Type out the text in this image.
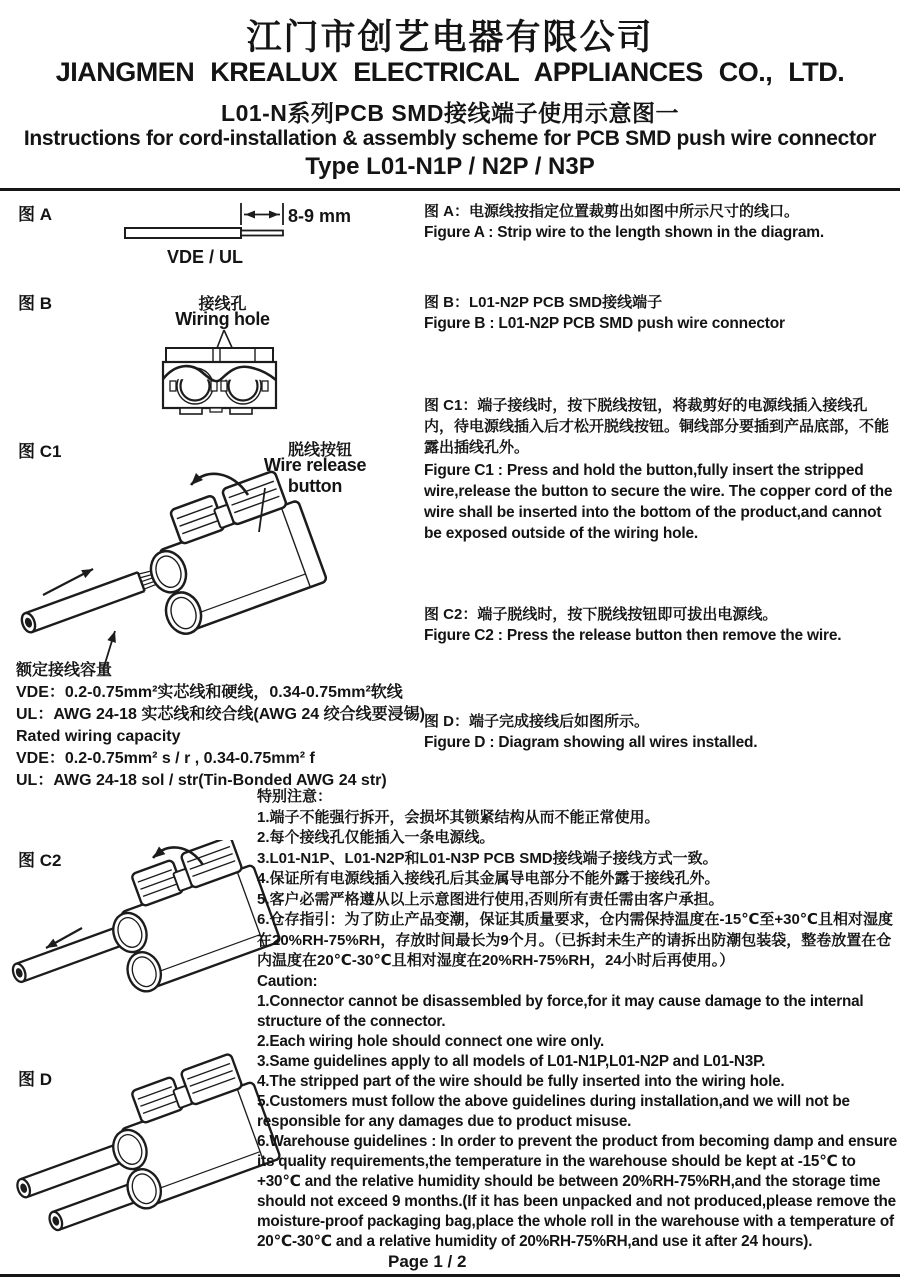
江门市创艺电器有限公司
JIANGMEN KREALUX ELECTRICAL APPLIANCES CO., LTD.
L01-N系列PCB SMD接线端子使用示意图一
Instructions for cord-installation & assembly scheme for PCB SMD push wire connector
Type L01-N1P / N2P / N3P
图 A	8-9 mm
VDE / UL
图 A：电源线按指定位置裁剪出如图中所示尺寸的线口。
Figure A : Strip wire to the length shown in the diagram.
图 B	接线孔
Wiring hole
图 B：L01-N2P PCB SMD接线端子
Figure B : L01-N2P PCB SMD push wire connector
图 C1	脱线按钮
Wire release button
图 C1：端子接线时，按下脱线按钮，将裁剪好的电源线插入接线孔内，待电源线插入后才松开脱线按钮。铜线部分要插到产品底部，不能露出插线孔外。
Figure C1 : Press and hold the button,fully insert the stripped wire,release the button to secure the wire. The copper cord of the wire shall be inserted into the bottom of the product,and cannot be exposed outside of the wiring hole.
额定接线容量
VDE：0.2-0.75mm²实芯线和硬线，0.34-0.75mm²软线
UL：AWG 24-18 实芯线和绞合线(AWG 24 绞合线要浸锡)
Rated wiring capacity
VDE：0.2-0.75mm² s / r , 0.34-0.75mm² f
UL：AWG 24-18 sol / str(Tin-Bonded AWG 24 str)
图 C2
图 C2：端子脱线时，按下脱线按钮即可拔出电源线。
Figure C2 : Press the release button then remove the wire.
图 D
图 D：端子完成接线后如图所示。
Figure D : Diagram showing all wires installed.
特别注意：
1.端子不能强行拆开，会损坏其锁紧结构从而不能正常使用。
2.每个接线孔仅能插入一条电源线。
3.L01-N1P、L01-N2P和L01-N3P PCB SMD接线端子接线方式一致。
4.保证所有电源线插入接线孔后其金属导电部分不能外露于接线孔外。
5.客户必需严格遵从以上示意图进行使用,否则所有责任需由客户承担。
6.仓存指引：为了防止产品变潮，保证其质量要求，仓内需保持温度在-15℃至+30℃且相对湿度在20%RH-75%RH，存放时间最长为9个月。（已拆封未生产的请拆出防潮包装袋，整卷放置在仓内温度在20℃-30℃且相对湿度在20%RH-75%RH，24小时后再使用。）
Caution:
1.Connector cannot be disassembled by force,for it may cause damage to the internal structure of the connector.
2.Each wiring hole should connect one wire only.
3.Same guidelines apply to all models of L01-N1P,L01-N2P and L01-N3P.
4.The stripped part of the wire should be fully inserted into the wiring hole.
5.Customers must follow the above guidelines during installation,and we will not be responsible for any damages due to product misuse.
6.Warehouse guidelines : In order to prevent the product from becoming damp and ensure its quality requirements,the temperature in the warehouse should be kept at -15℃ to +30℃ and the relative humidity should be between 20%RH-75%RH,and the storage time should not exceed 9 months.(If it has been unpacked and not produced,please remove the moisture-proof packaging bag,place the whole roll in the warehouse with a temperature of 20℃-30℃ and a relative humidity of 20%RH-75%RH,and use it after 24 hours).
Page 1 / 2
